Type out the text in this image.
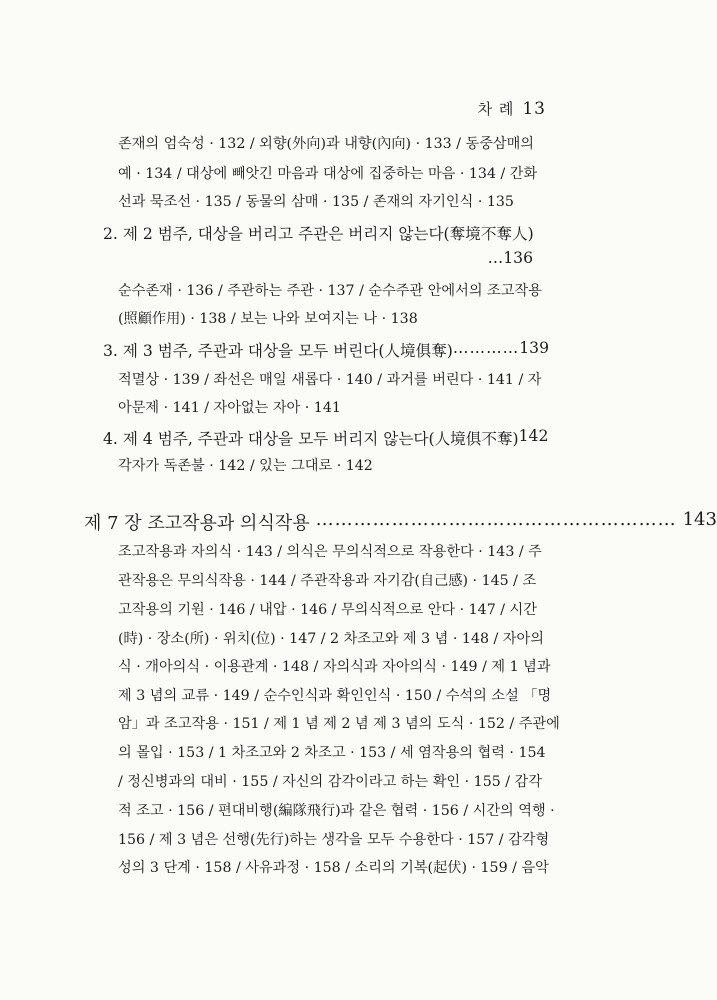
차 례 13
존재의 엄숙성 · 132 / 외향(外向)과 내향(內向) · 133 / 동중삼매의
예 · 134 / 대상에 빼앗긴 마음과 대상에 집중하는 마음 · 134 / 간화
선과 묵조선 · 135 / 동물의 삼매 · 135 / 존재의 자기인식 · 135
2. 제 2 범주, 대상을 버리고 주관은 버리지 않는다(奪境不奪人)
…136
순수존재 · 136 / 주관하는 주관 · 137 / 순수주관 안에서의 조고작용
(照顧作用) · 138 / 보는 나와 보여지는 나 · 138
3. 제 3 범주, 주관과 대상을 모두 버린다(人境俱奪) ………… 139
적멸상 · 139 / 좌선은 매일 새롭다 · 140 / 과거를 버린다 · 141 / 자
아문제 · 141 / 자아없는 자아 · 141
4. 제 4 범주, 주관과 대상을 모두 버리지 않는다(人境俱不奪) 142
각자가 독존불 · 142 / 있는 그대로 · 142
제 7 장 조고작용과 의식작용 ………………………………………………… 143
조고작용과 자의식 · 143 / 의식은 무의식적으로 작용한다 · 143 / 주
관작용은 무의식작용 · 144 / 주관작용과 자기감(自己感) · 145 / 조
고작용의 기원 · 146 / 내압 · 146 / 무의식적으로 안다 · 147 / 시간
(時) · 장소(所) · 위치(位) · 147 / 2 차조고와 제 3 념 · 148 / 자아의
식 · 개아의식 · 이용관계 · 148 / 자의식과 자아의식 · 149 / 제 1 념과
제 3 념의 교류 · 149 / 순수인식과 확인인식 · 150 / 수석의 소설 「명
암」과 조고작용 · 151 / 제 1 념 제 2 념 제 3 념의 도식 · 152 / 주관에
의 몰입 · 153 / 1 차조고와 2 차조고 · 153 / 세 염작용의 협력 · 154
/ 정신병과의 대비 · 155 / 자신의 감각이라고 하는 확인 · 155 / 감각
적 조고 · 156 / 편대비행(編隊飛行)과 같은 협력 · 156 / 시간의 역행 ·
156 / 제 3 념은 선행(先行)하는 생각을 모두 수용한다 · 157 / 감각형
성의 3 단계 · 158 / 사유과정 · 158 / 소리의 기복(起伏) · 159 / 음악
